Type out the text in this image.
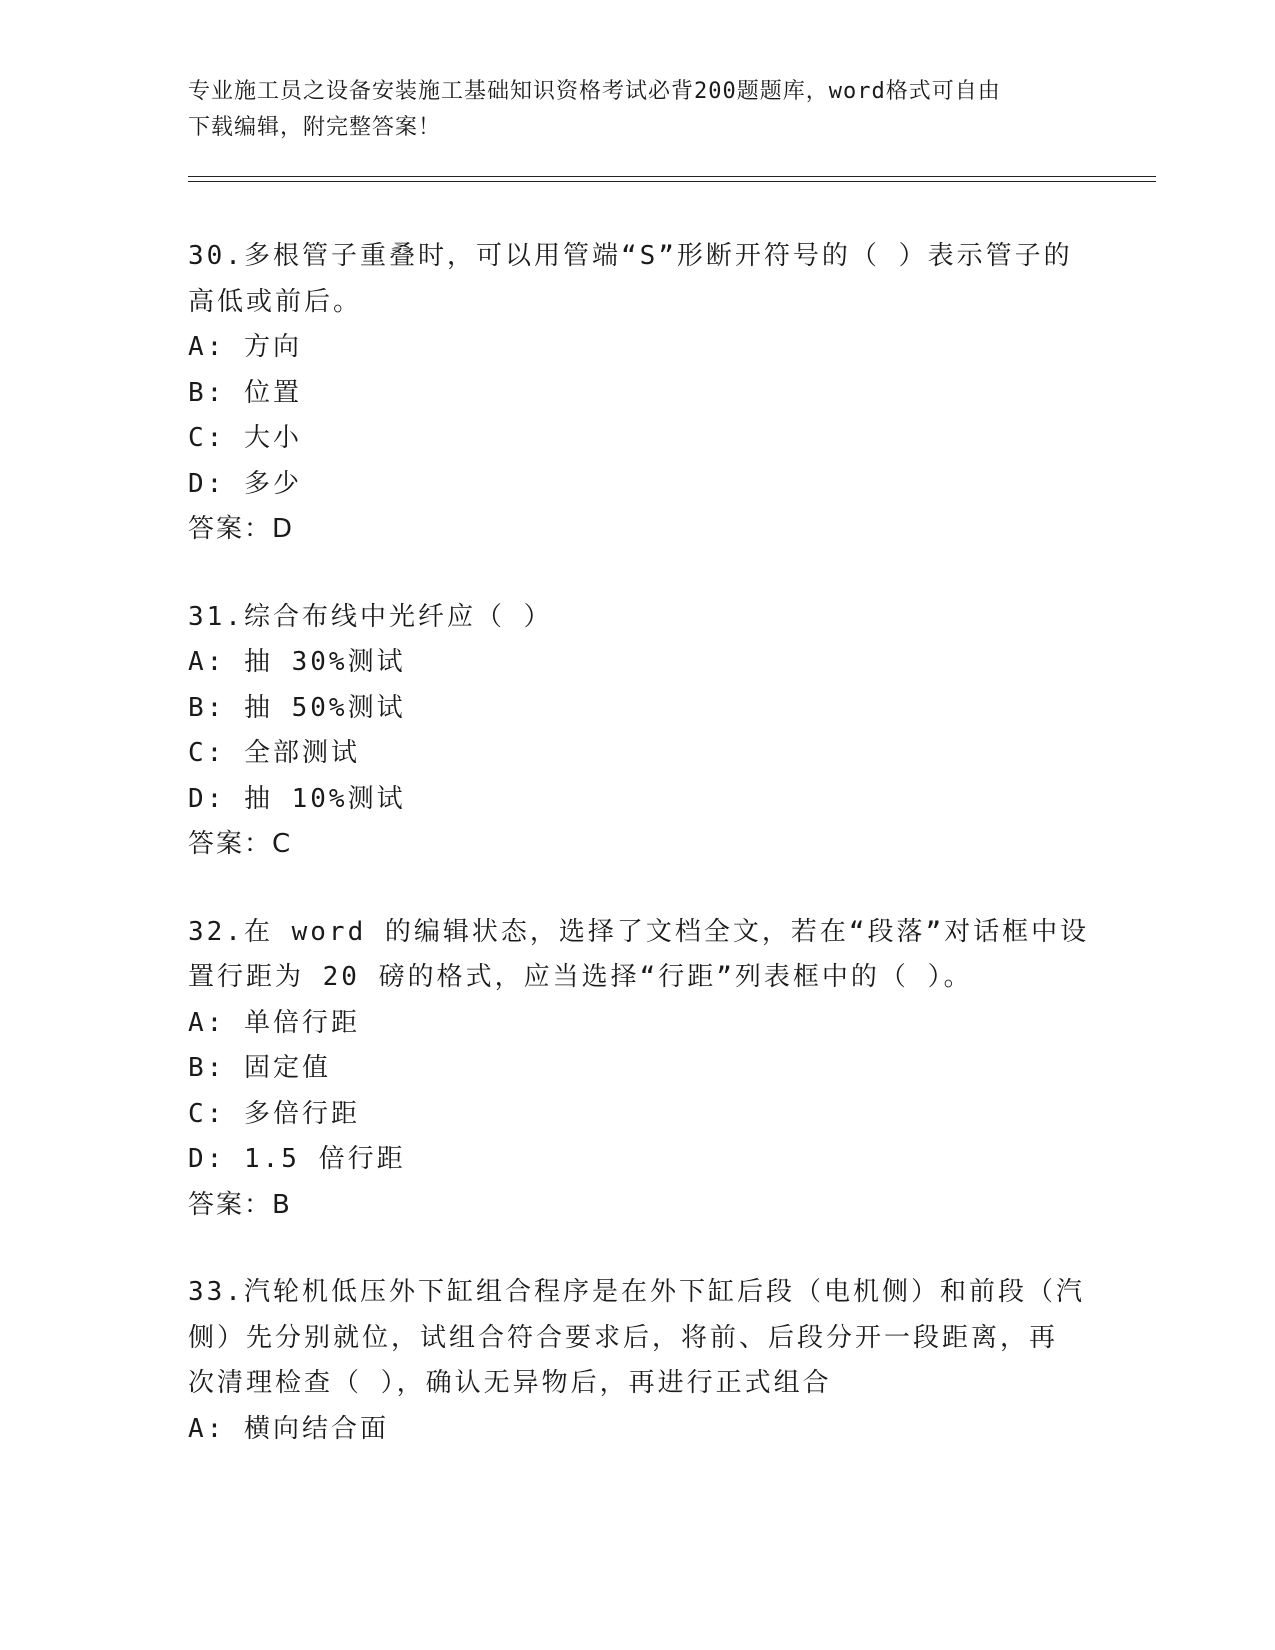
专业施工员之设备安装施工基础知识资格考试必背200题题库，word格式可自由
下载编辑，附完整答案！
30.多根管子重叠时，可以用管端“S”形断开符号的（ ）表示管子的
高低或前后。
A: 方向
B: 位置
C: 大小
D: 多少
答案：D
31.综合布线中光纤应（ ）
A: 抽 30%测试
B: 抽 50%测试
C: 全部测试
D: 抽 10%测试
答案：C
32.在 word 的编辑状态，选择了文档全文，若在“段落”对话框中设
置行距为 20 磅的格式，应当选择“行距”列表框中的（ ）。
A: 单倍行距
B: 固定值
C: 多倍行距
D: 1.5 倍行距
答案：B
33.汽轮机低压外下缸组合程序是在外下缸后段（电机侧）和前段（汽
侧）先分别就位，试组合符合要求后，将前、后段分开一段距离，再
次清理检查（ ），确认无异物后，再进行正式组合
A: 横向结合面
